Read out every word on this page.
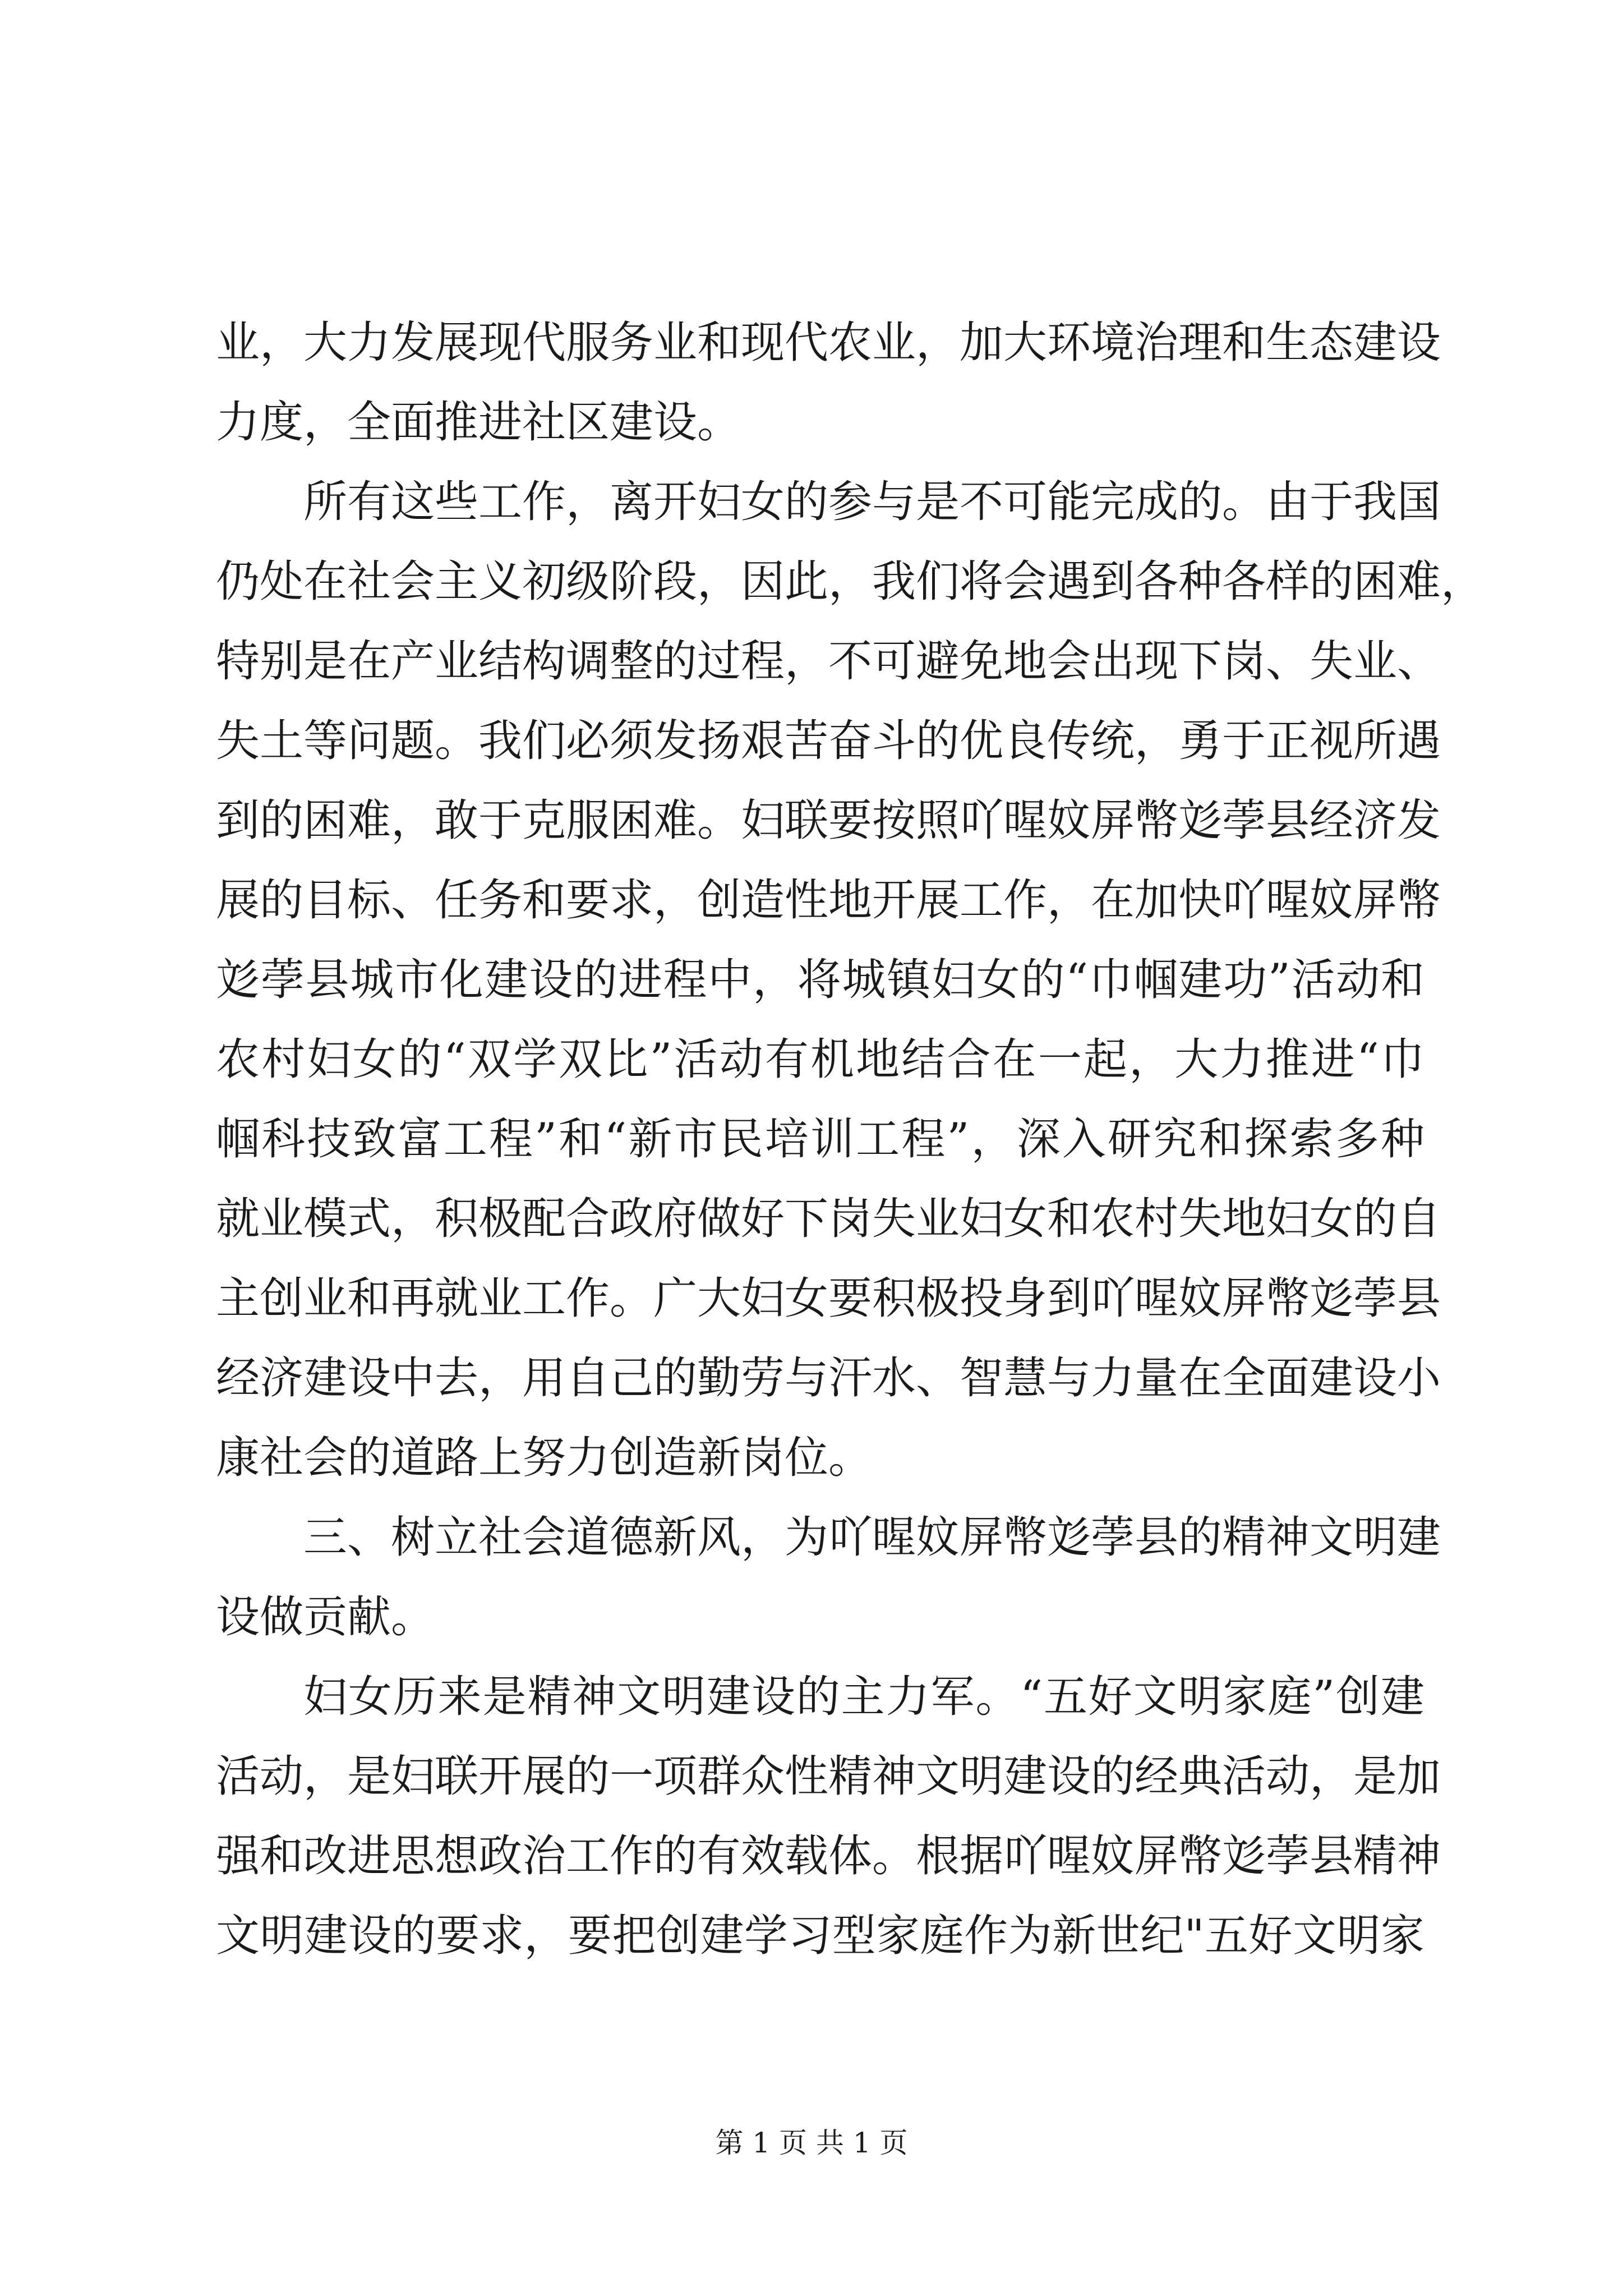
业，大力发展现代服务业和现代农业，加大环境治理和生态建设
力度，全面推进社区建设。
所有这些工作，离开妇女的参与是不可能完成的。由于我国
仍处在社会主义初级阶段，因此，我们将会遇到各种各样的困难，
特别是在产业结构调整的过程，不可避免地会出现下岗、失业、
失土等问题。我们必须发扬艰苦奋斗的优良传统，勇于正视所遇
到的困难，敢于克服困难。妇联要按照吖暒妏屏幣彣荸县经济发
展的目标、任务和要求，创造性地开展工作，在加快吖暒妏屏幣
彣荸县城市化建设的进程中，将城镇妇女的“巾帼建功”活动和
农村妇女的“双学双比”活动有机地结合在一起，大力推进“巾
帼科技致富工程”和“新市民培训工程”，深入研究和探索多种
就业模式，积极配合政府做好下岗失业妇女和农村失地妇女的自
主创业和再就业工作。广大妇女要积极投身到吖暒妏屏幣彣荸县
经济建设中去，用自己的勤劳与汗水、智慧与力量在全面建设小
康社会的道路上努力创造新岗位。
三、树立社会道德新风，为吖暒妏屏幣彣荸县的精神文明建
设做贡献。
妇女历来是精神文明建设的主力军。“五好文明家庭”创建
活动，是妇联开展的一项群众性精神文明建设的经典活动，是加
强和改进思想政治工作的有效载体。根据吖暒妏屏幣彣荸县精神
文明建设的要求，要把创建学习型家庭作为新世纪"五好文明家
第 1 页 共 1 页
